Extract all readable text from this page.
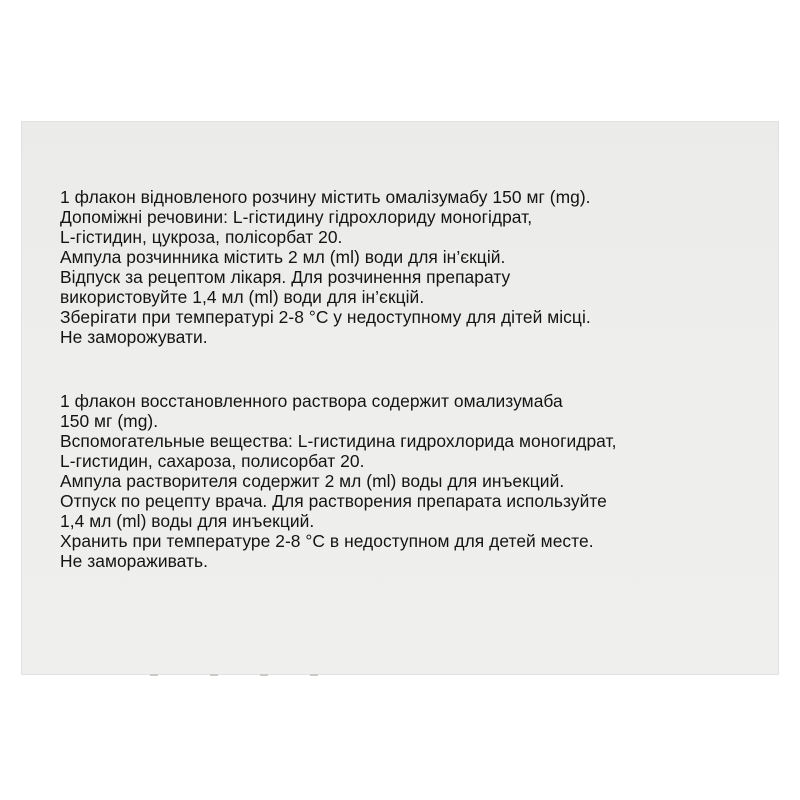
1 флакон відновленого розчину містить омалізумабу 150 мг (mg).
Допоміжні речовини: L-гістидину гідрохлориду моногідрат,
L-гістидин, цукроза, полісорбат 20.
Ампула розчинника містить 2 мл (ml) води для ін’єкцій.
Відпуск за рецептом лікаря. Для розчинення препарату
використовуйте 1,4 мл (ml) води для ін’єкцій.
Зберігати при температурі 2-8 °С у недоступному для дітей місці.
Не заморожувати.
1 флакон восстановленного раствора содержит омализумаба
150 мг (mg).
Вспомогательные вещества: L-гистидина гидрохлорида моногидрат,
L-гистидин, сахароза, полисорбат 20.
Ампула растворителя содержит 2 мл (ml) воды для инъекций.
Отпуск по рецепту врача. Для растворения препарата используйте
1,4 мл (ml) воды для инъекций.
Хранить при температуре 2-8 °С в недоступном для детей месте.
Не замораживать.
